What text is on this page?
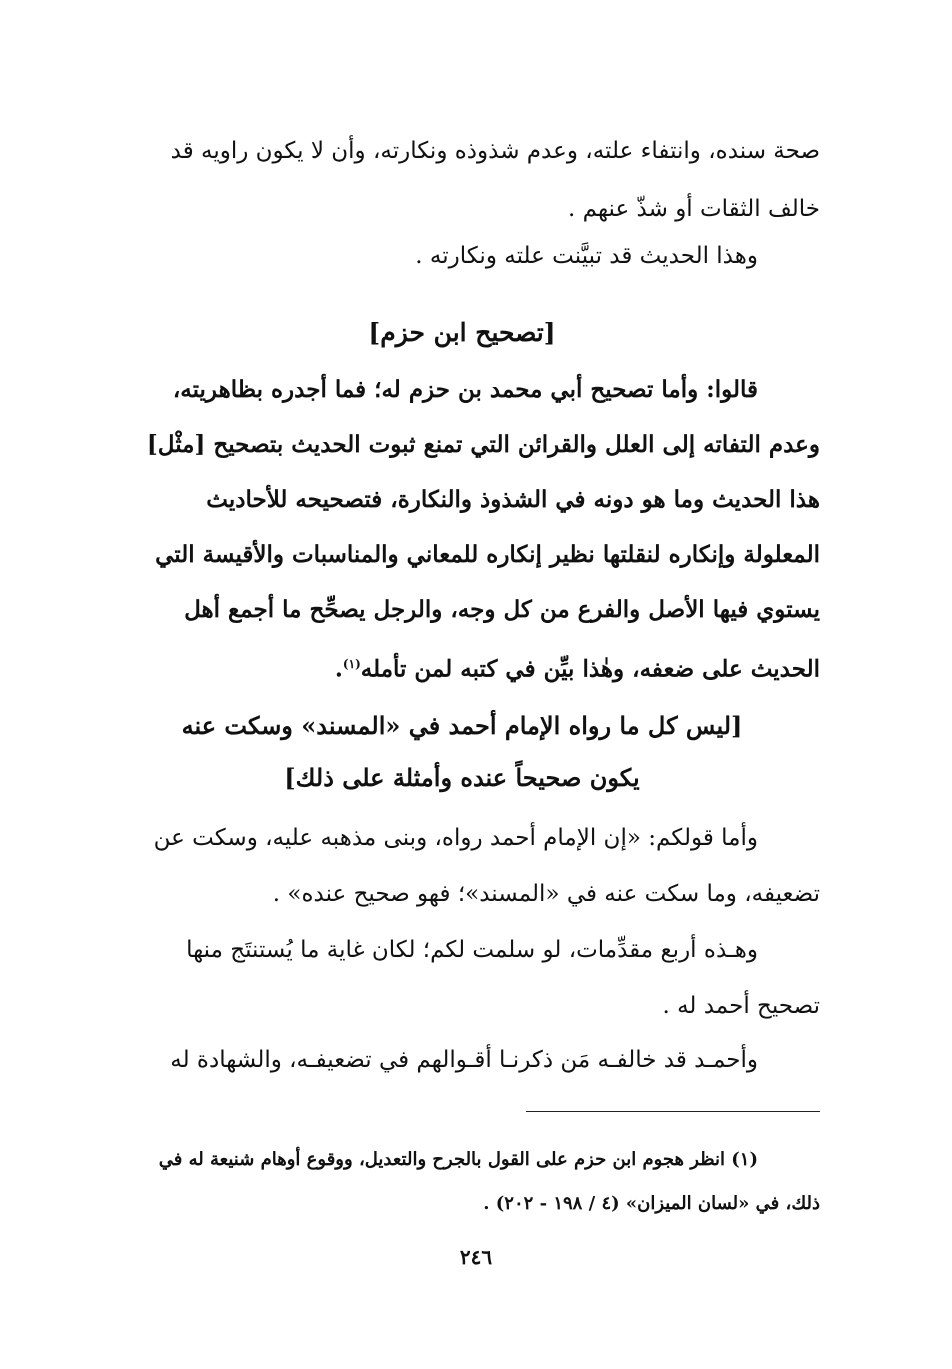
صحة سنده، وانتفاء علته، وعدم شذوذه ونكارته، وأن لا يكون راويه قد
خالف الثقات أو شذّ عنهم .
وهذا الحديث قد تبيَّنت علته ونكارته .
[تصحيح ابن حزم]
قالوا: وأما تصحيح أبي محمد بن حزم له؛ فما أجدره بظاهريته،
وعدم التفاته إلى العلل والقرائن التي تمنع ثبوت الحديث بتصحيح [مثْل]
هذا الحديث وما هو دونه في الشذوذ والنكارة، فتصحيحه للأحاديث
المعلولة وإنكاره لنقلتها نظير إنكاره للمعاني والمناسبات والأقيسة التي
يستوي فيها الأصل والفرع من كل وجه، والرجل يصحِّح ما أجمع أهل
الحديث على ضعفه، وهٰذا بيِّن في كتبه لمن تأمله$^{(١)}$.
[ليس كل ما رواه الإمام أحمد في «المسند» وسكت عنه
يكون صحيحاً عنده وأمثلة على ذلك]
وأما قولكم: «إن الإمام أحمد رواه، وبنى مذهبه عليه، وسكت عن
تضعيفه، وما سكت عنه في «المسند»؛ فهو صحيح عنده» .
وهـذه أربع مقدِّمات، لو سلمت لكم؛ لكان غاية ما يُستنتَج منها
تصحيح أحمد له .
وأحمـد قد خالفـه مَن ذكرنـا أقـوالهم في تضعيفـه، والشهادة له
(١) انظر هجوم ابن حزم على القول بالجرح والتعديل، ووقوع أوهام شنيعة له في
ذلك، في «لسان الميزان» (٤ / ١٩٨ - ٢٠٢) .
٢٤٦
